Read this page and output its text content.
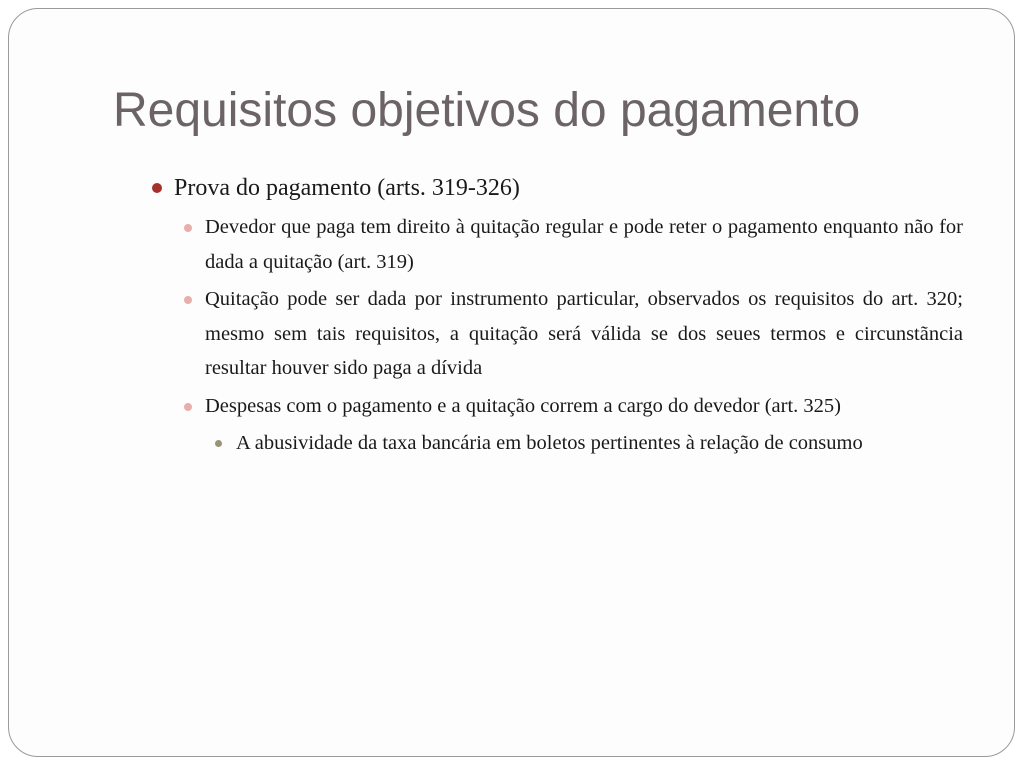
Requisitos objetivos do pagamento
Prova do pagamento (arts. 319-326)
Devedor que paga tem direito à quitação regular e pode reter o pagamento enquanto não for dada a quitação (art. 319)
Quitação pode ser dada por instrumento particular, observados os requisitos do art. 320; mesmo sem tais requisitos, a quitação será válida se dos seues termos e circunstãncia resultar houver sido paga a dívida
Despesas com o pagamento e a quitação correm a cargo do devedor (art. 325)
A abusividade da taxa bancária em boletos pertinentes à relação de consumo
